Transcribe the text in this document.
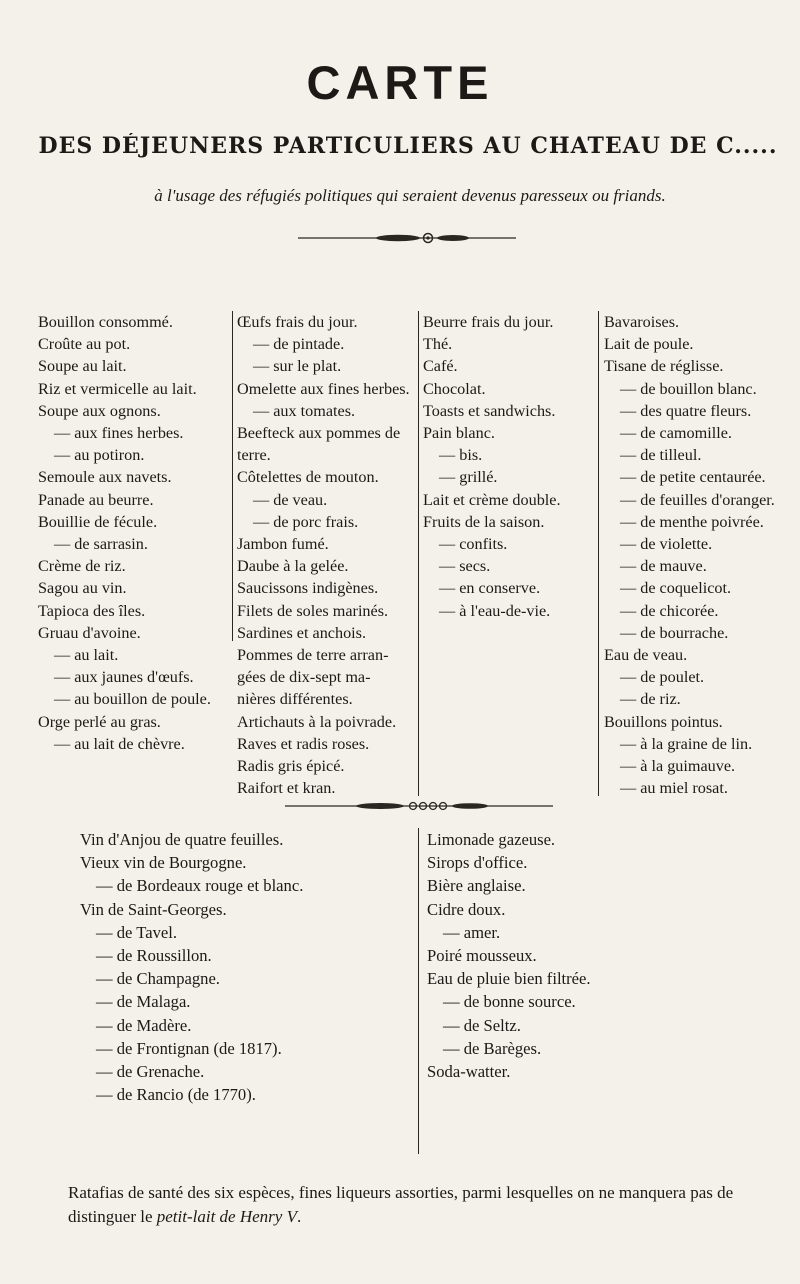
CARTE
DES DÉJEUNERS PARTICULIERS AU CHATEAU DE C.....
à l'usage des réfugiés politiques qui seraient devenus paresseux ou friands.
Bouillon consommé.
Croûte au pot.
Soupe au lait.
Riz et vermicelle au lait.
Soupe aux ognons.
— aux fines herbes.
— au potiron.
Semoule aux navets.
Panade au beurre.
Bouillie de fécule.
— de sarrasin.
Crème de riz.
Sagou au vin.
Tapioca des îles.
Gruau d'avoine.
— au lait.
— aux jaunes d'œufs.
— au bouillon de poule.
Orge perlé au gras.
— au lait de chèvre.
Œufs frais du jour.
— de pintade.
— sur le plat.
Omelette aux fines herbes.
— aux tomates.
Beefteck aux pommes de
terre.
Côtelettes de mouton.
— de veau.
— de porc frais.
Jambon fumé.
Daube à la gelée.
Saucissons indigènes.
Filets de soles marinés.
Sardines et anchois.
Pommes de terre arran-
gées de dix-sept ma-
nières différentes.
Artichauts à la poivrade.
Raves et radis roses.
Radis gris épicé.
Raifort et kran.
Beurre frais du jour.
Thé.
Café.
Chocolat.
Toasts et sandwichs.
Pain blanc.
— bis.
— grillé.
Lait et crème double.
Fruits de la saison.
— confits.
— secs.
— en conserve.
— à l'eau-de-vie.
Bavaroises.
Lait de poule.
Tisane de réglisse.
— de bouillon blanc.
— des quatre fleurs.
— de camomille.
— de tilleul.
— de petite centaurée.
— de feuilles d'oranger.
— de menthe poivrée.
— de violette.
— de mauve.
— de coquelicot.
— de chicorée.
— de bourrache.
Eau de veau.
— de poulet.
— de riz.
Bouillons pointus.
— à la graine de lin.
— à la guimauve.
— au miel rosat.
Vin d'Anjou de quatre feuilles.
Vieux vin de Bourgogne.
— de Bordeaux rouge et blanc.
Vin de Saint-Georges.
— de Tavel.
— de Roussillon.
— de Champagne.
— de Malaga.
— de Madère.
— de Frontignan (de 1817).
— de Grenache.
— de Rancio (de 1770).
Limonade gazeuse.
Sirops d'office.
Bière anglaise.
Cidre doux.
— amer.
Poiré mousseux.
Eau de pluie bien filtrée.
— de bonne source.
— de Seltz.
— de Barèges.
Soda-watter.
Ratafias de santé des six espèces, fines liqueurs assorties, parmi lesquelles on ne manquera pas de distinguer le petit-lait de Henry V.
